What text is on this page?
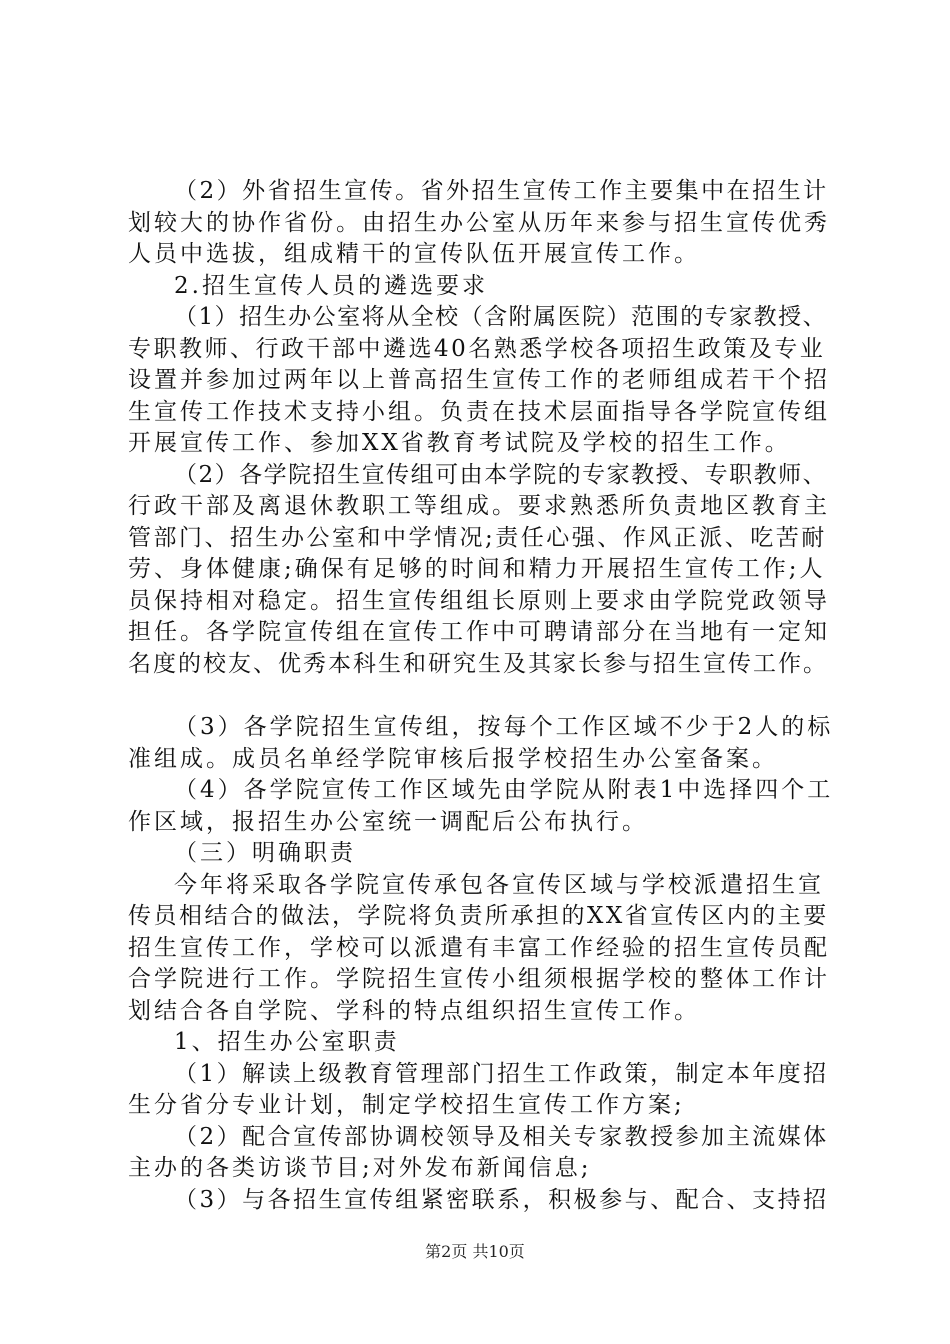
（2）外省招生宣传。省外招生宣传工作主要集中在招生计
划较大的协作省份。由招生办公室从历年来参与招生宣传优秀
人员中选拔，组成精干的宣传队伍开展宣传工作。
2.招生宣传人员的遴选要求
（1）招生办公室将从全校（含附属医院）范围的专家教授、
专职教师、行政干部中遴选40名熟悉学校各项招生政策及专业
设置并参加过两年以上普高招生宣传工作的老师组成若干个招
生宣传工作技术支持小组。负责在技术层面指导各学院宣传组
开展宣传工作、参加XX省教育考试院及学校的招生工作。
（2）各学院招生宣传组可由本学院的专家教授、专职教师、
行政干部及离退休教职工等组成。要求熟悉所负责地区教育主
管部门、招生办公室和中学情况;责任心强、作风正派、吃苦耐
劳、身体健康;确保有足够的时间和精力开展招生宣传工作;人
员保持相对稳定。招生宣传组组长原则上要求由学院党政领导
担任。各学院宣传组在宣传工作中可聘请部分在当地有一定知
名度的校友、优秀本科生和研究生及其家长参与招生宣传工作。
（3）各学院招生宣传组，按每个工作区域不少于2人的标
准组成。成员名单经学院审核后报学校招生办公室备案。
（4）各学院宣传工作区域先由学院从附表1中选择四个工
作区域，报招生办公室统一调配后公布执行。
（三）明确职责
今年将采取各学院宣传承包各宣传区域与学校派遣招生宣
传员相结合的做法，学院将负责所承担的XX省宣传区内的主要
招生宣传工作，学校可以派遣有丰富工作经验的招生宣传员配
合学院进行工作。学院招生宣传小组须根据学校的整体工作计
划结合各自学院、学科的特点组织招生宣传工作。
1、招生办公室职责
（1）解读上级教育管理部门招生工作政策，制定本年度招
生分省分专业计划，制定学校招生宣传工作方案;
（2）配合宣传部协调校领导及相关专家教授参加主流媒体
主办的各类访谈节目;对外发布新闻信息;
（3）与各招生宣传组紧密联系，积极参与、配合、支持招
第2页 共10页
